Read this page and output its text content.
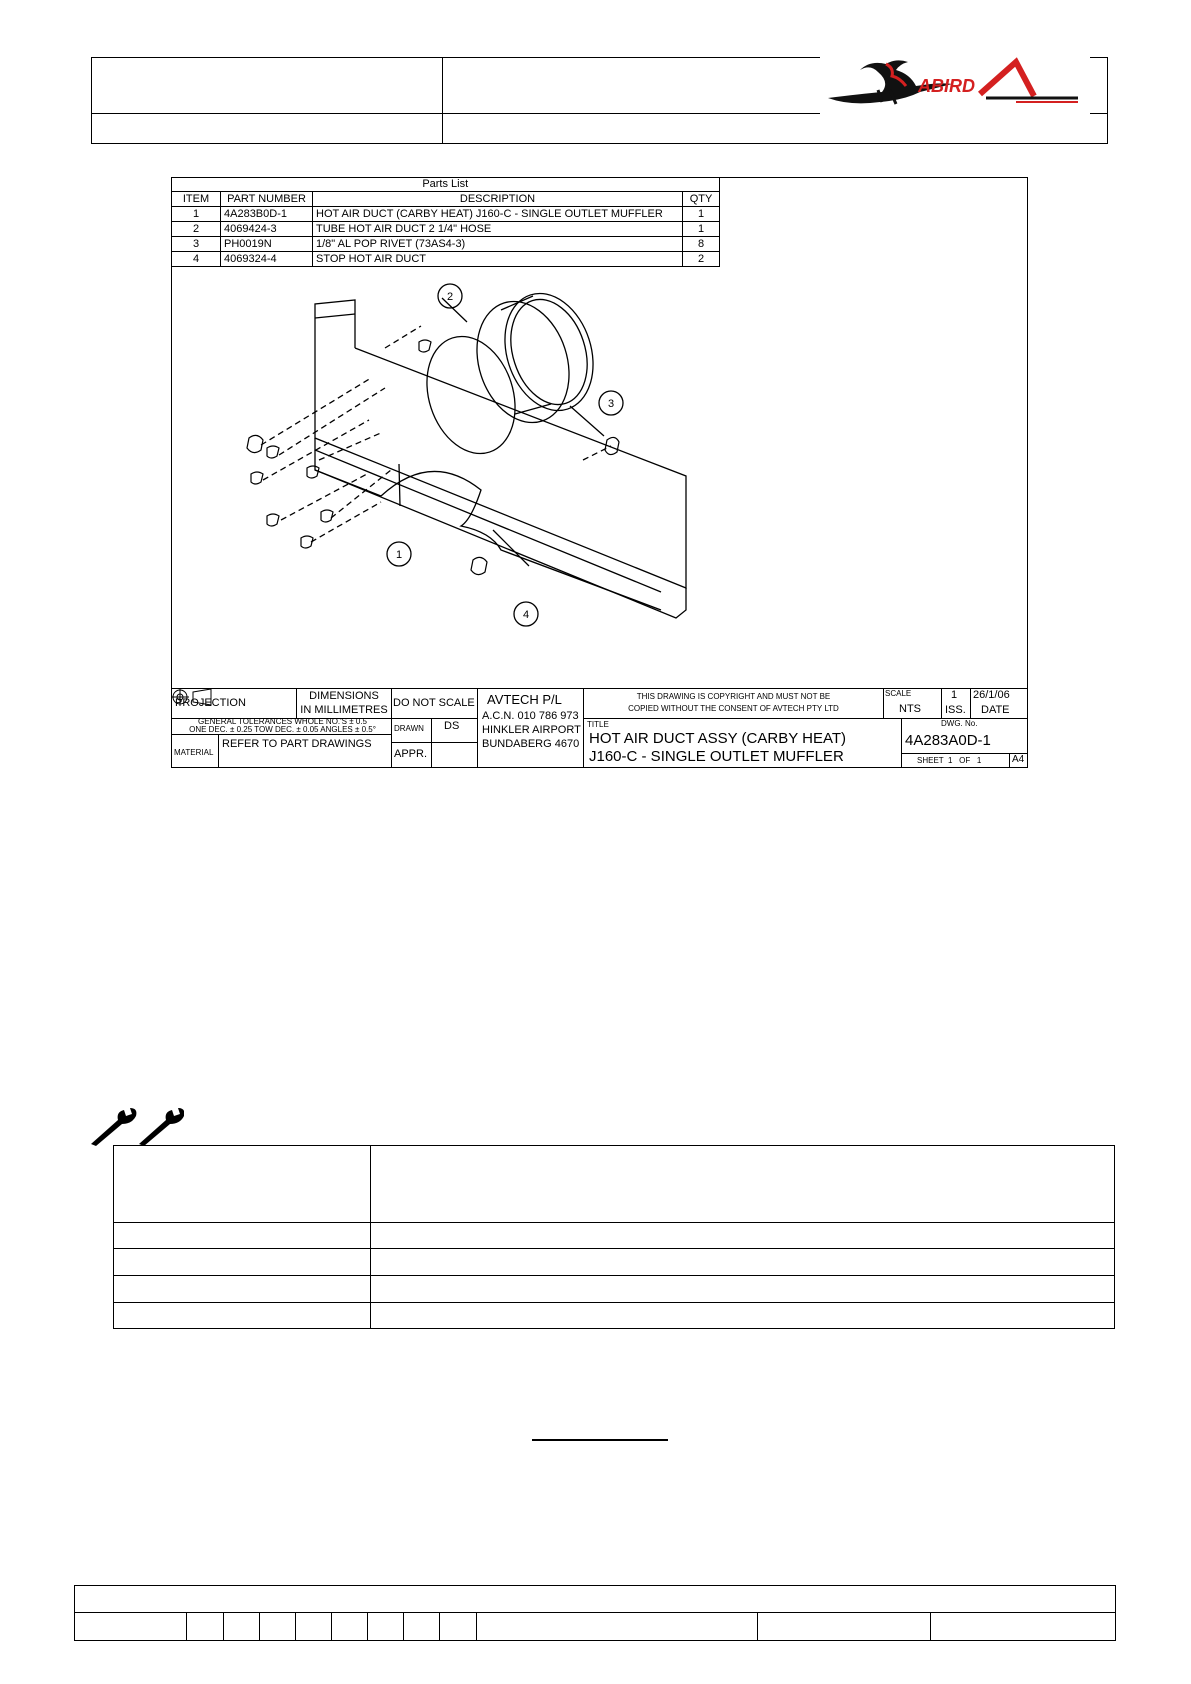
ABIRD
Parts List			
ITEM	PART NUMBER	DESCRIPTION	QTY
1	4A283B0D-1	HOT AIR DUCT (CARBY HEAT) J160-C - SINGLE OUTLET MUFFLER	1
2	4069424-3	TUBE HOT AIR DUCT 2 1/4" HOSE	1
3	PH0019N	1/8" AL POP RIVET (73AS4-3)	8
4	4069324-4	STOP HOT AIR DUCT	2
2
3
1
4
PROJECTION
DIMENSIONS
IN MILLIMETRES
DO NOT SCALE AVTECH P/L
A.C.N. 010 786 973
HINKLER AIRPORT
BUNDABERG 4670
THIS DRAWING IS COPYRIGHT AND MUST NOT BE
COPIED WITHOUT THE CONSENT OF AVTECH PTY LTD
SCALE
NTS
1
ISS.
26/1/06
DATE
GENERAL TOLERANCES WHOLE NO.'S ± 0.5
ONE DEC. ± 0.25 TOW DEC. ± 0.05 ANGLES ± 0.5°
MATERIAL
REFER TO PART DRAWINGS
DRAWN DS
APPR.
TITLE
HOT AIR DUCT ASSY (CARBY HEAT)
J160-C - SINGLE OUTLET MUFFLER
DWG. No.
4A283A0D-1
SHEET  1   OF   1	A4
